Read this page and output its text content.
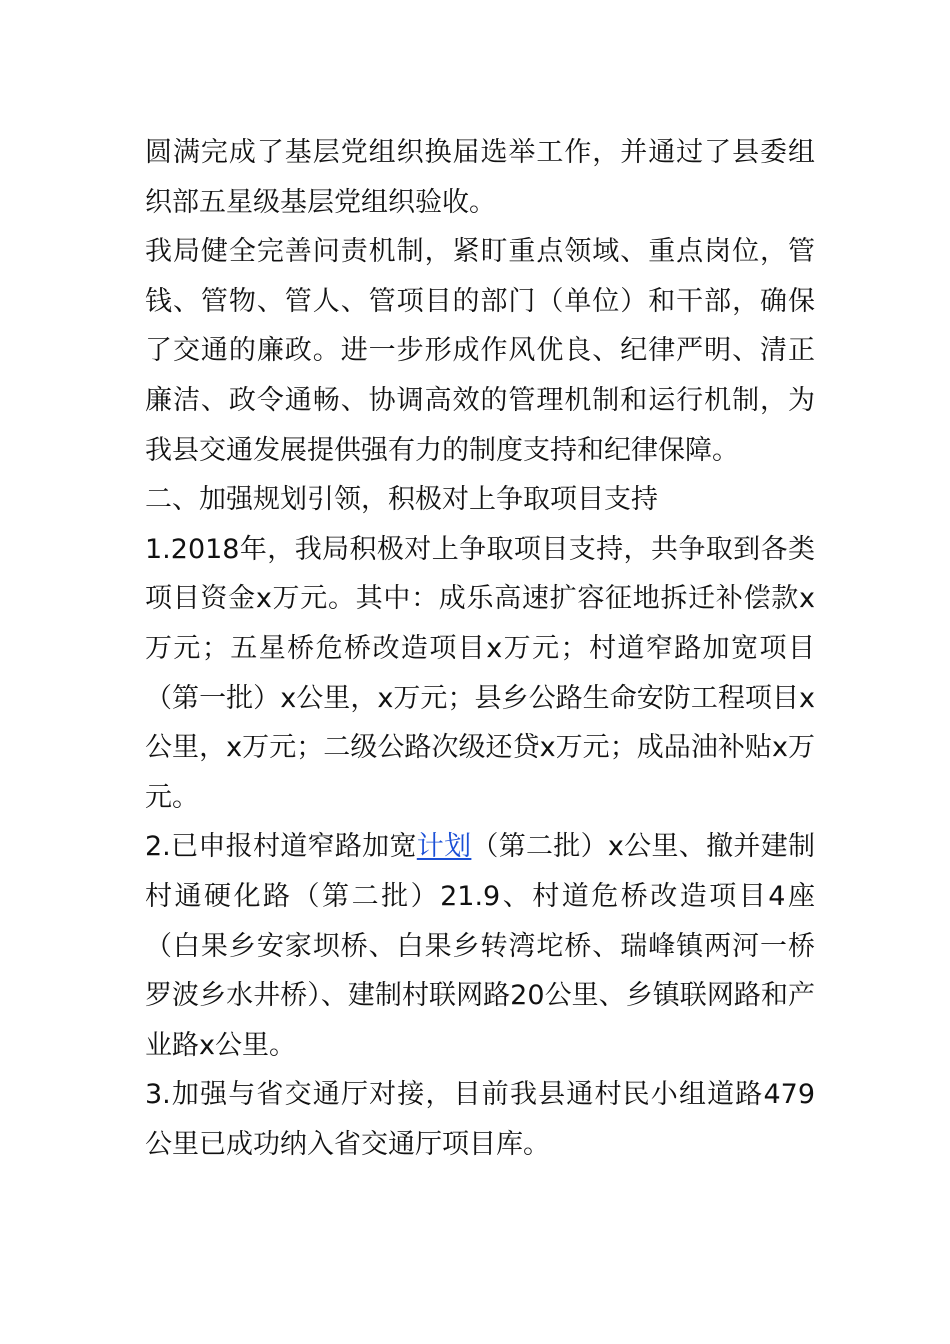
圆满完成了基层党组织换届选举工作，并通过了县委组织部五星级基层党组织验收。

我局健全完善问责机制，紧盯重点领域、重点岗位，管钱、管物、管人、管项目的部门（单位）和干部，确保了交通的廉政。进一步形成作风优良、纪律严明、清正廉洁、政令通畅、协调高效的管理机制和运行机制，为我县交通发展提供强有力的制度支持和纪律保障。

二、加强规划引领，积极对上争取项目支持

1.2018年，我局积极对上争取项目支持，共争取到各类项目资金x万元。其中：成乐高速扩容征地拆迁补偿款x万元；五星桥危桥改造项目x万元；村道窄路加宽项目（第一批）x公里，x万元；县乡公路生命安防工程项目x公里，x万元；二级公路次级还贷x万元；成品油补贴x万元。

2.已申报村道窄路加宽计划（第二批）x公里、撤并建制村通硬化路（第二批）21.9、村道危桥改造项目4座（白果乡安家坝桥、白果乡转湾坨桥、瑞峰镇两河一桥罗波乡水井桥）、建制村联网路20公里、乡镇联网路和产业路x公里。

3.加强与省交通厅对接，目前我县通村民小组道路479公里已成功纳入省交通厅项目库。
